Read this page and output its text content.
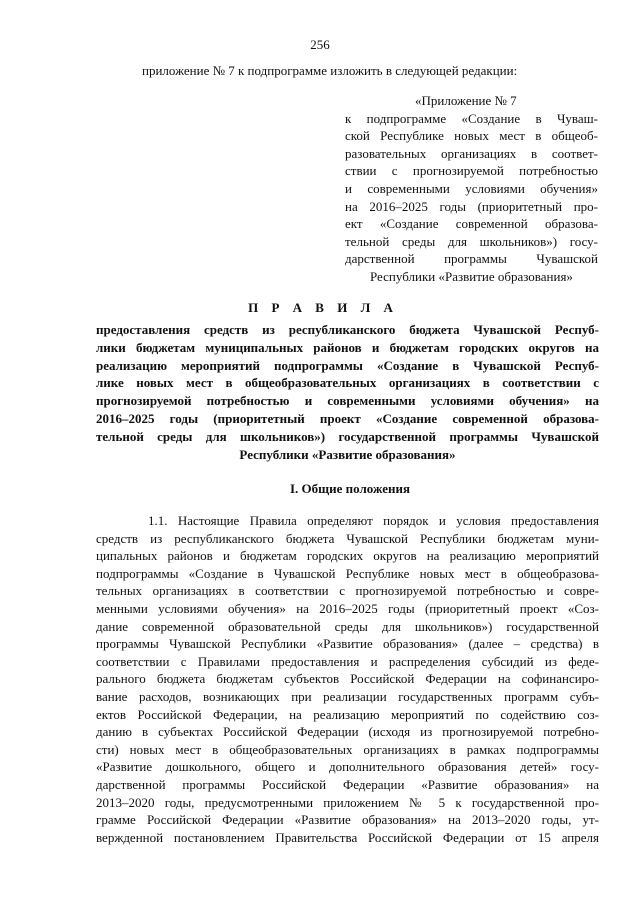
256
приложение № 7 к подпрограмме изложить в следующей редакции:
«Приложение № 7
к подпрограмме «Создание в Чуваш-
ской Республике новых мест в общеоб-
разовательных организациях в соответ-
ствии с прогнозируемой потребностью
и современными условиями обучения»
на 2016–2025 годы (приоритетный про-
ект «Создание современной образова-
тельной среды для школьников») госу-
дарственной программы Чувашской
Республики «Развитие образования»
П Р А В И Л А
предоставления средств из республиканского бюджета Чувашской Респуб-
лики бюджетам муниципальных районов и бюджетам городских округов на
реализацию мероприятий подпрограммы «Создание в Чувашской Респуб-
лике новых мест в общеобразовательных организациях в соответствии с
прогнозируемой потребностью и современными условиями обучения» на
2016–2025 годы (приоритетный проект «Создание современной образова-
тельной среды для школьников») государственной программы Чувашской
Республики «Развитие образования»
I. Общие положения
1.1. Настоящие Правила определяют порядок и условия предоставления
средств из республиканского бюджета Чувашской Республики бюджетам муни-
ципальных районов и бюджетам городских округов на реализацию мероприятий
подпрограммы «Создание в Чувашской Республике новых мест в общеобразова-
тельных организациях в соответствии с прогнозируемой потребностью и совре-
менными условиями обучения» на 2016–2025 годы (приоритетный проект «Соз-
дание современной образовательной среды для школьников») государственной
программы Чувашской Республики «Развитие образования» (далее – средства) в
соответствии с Правилами предоставления и распределения субсидий из феде-
рального бюджета бюджетам субъектов Российской Федерации на софинансиро-
вание расходов, возникающих при реализации государственных программ субъ-
ектов Российской Федерации, на реализацию мероприятий по содействию соз-
данию в субъектах Российской Федерации (исходя из прогнозируемой потребно-
сти) новых мест в общеобразовательных организациях в рамках подпрограммы
«Развитие дошкольного, общего и дополнительного образования детей» госу-
дарственной программы Российской Федерации «Развитие образования» на
2013–2020 годы, предусмотренными приложением № 5 к государственной про-
грамме Российской Федерации «Развитие образования» на 2013–2020 годы, ут-
вержденной постановлением Правительства Российской Федерации от 15 апреля
